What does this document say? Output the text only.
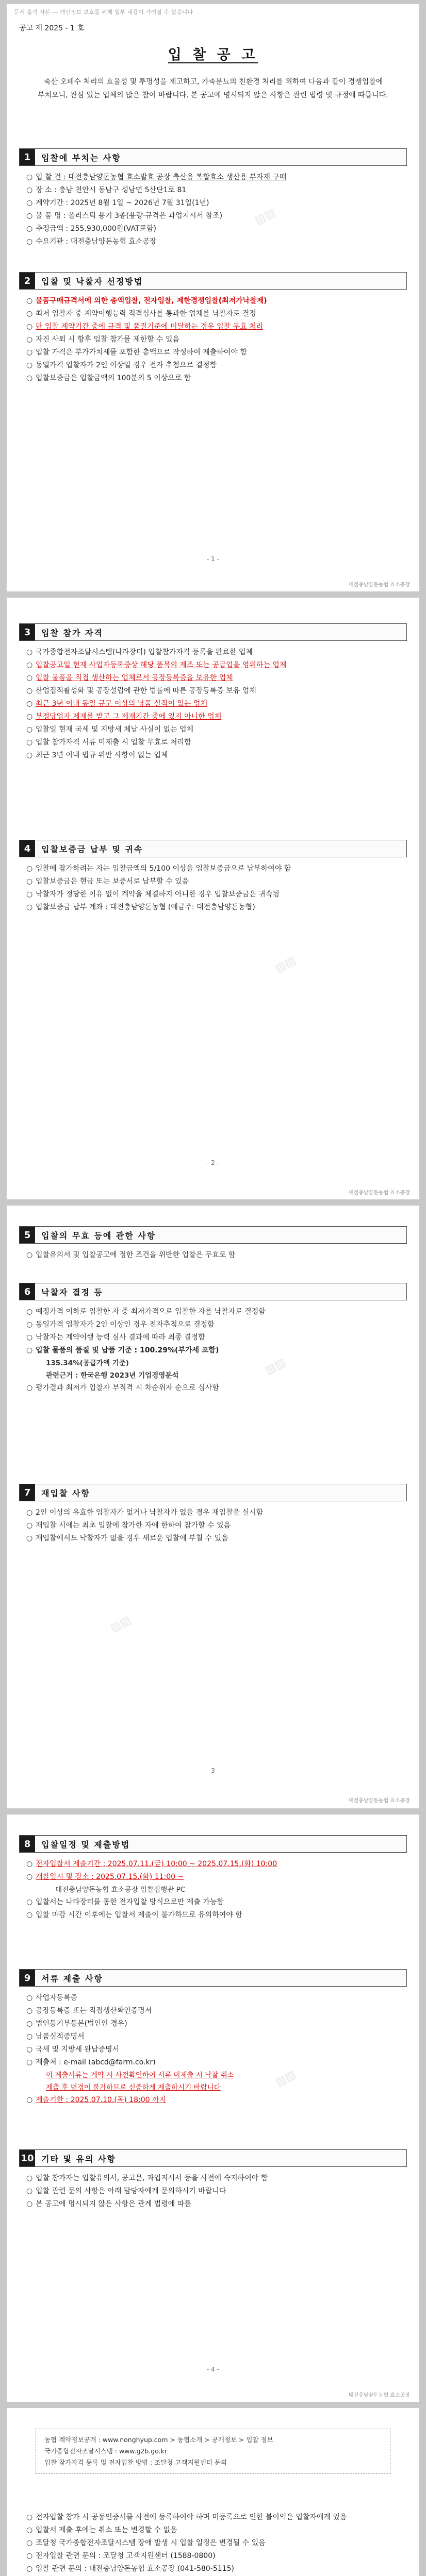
문서 출력 사본 — 개인정보 보호를 위해 일부 내용이 가려질 수 있습니다
공고 제 2025 - 1 호
입 찰 공 고
축산 오폐수 처리의 효율성 및 투명성을 제고하고, 가축분뇨의 친환경 처리를 위하여 다음과 같이 경쟁입찰에 부치오니, 관심 있는 업체의 많은 참여 바랍니다. 본 공고에 명시되지 않은 사항은 관련 법령 및 규정에 따릅니다.
1	입찰에 부치는 사항
○ 입 찰 건 : 대전충남양돈농협 효소발효 공장 축산용 복합효소 생산용 부자재 구매
○ 장 소 : 충남 천안시 동남구 성남면 5산단1로 81
○ 계약기간 : 2025년 8월 1일 ~ 2026년 7월 31일(1년)
○ 물 품 명 : 폴리스틱 용기 3종(용량·규격은 과업지시서 참조)
○ 추정금액 : 255,930,000원(VAT포함)
○ 수요기관 : 대전충남양돈농협 효소공장
2	입찰 및 낙찰자 선정방법
○ 물품구매규격서에 의한 총액입찰, 전자입찰, 제한경쟁입찰(최저가낙찰제)
○ 최저 입찰자 중 계약이행능력 적격심사를 통과한 업체를 낙찰자로 결정
○ 단 입찰 계약기간 중에 규격 및 품질기준에 미달하는 경우 입찰 무효 처리
○ 자진 사퇴 시 향후 입찰 참가를 제한할 수 있음
○ 입찰 가격은 부가가치세를 포함한 총액으로 작성하여 제출하여야 함
○ 동일가격 입찰자가 2인 이상일 경우 전자 추첨으로 결정함
○ 입찰보증금은 입찰금액의 100분의 5 이상으로 함
▨▨
- 1 -
대전충남양돈농협 효소공장
3	입찰 참가 자격
○ 국가종합전자조달시스템(나라장터) 입찰참가자격 등록을 완료한 업체
○ 입찰공고일 현재 사업자등록증상 해당 품목의 제조 또는 공급업을 영위하는 업체
○ 입찰 물품을 직접 생산하는 업체로서 공장등록증을 보유한 업체
○ 산업집적활성화 및 공장설립에 관한 법률에 따른 공장등록증 보유 업체
○ 최근 3년 이내 동일 규모 이상의 납품 실적이 있는 업체
○ 부정당업자 제재를 받고 그 제재기간 중에 있지 아니한 업체
○ 입찰일 현재 국세 및 지방세 체납 사실이 없는 업체
○ 입찰 참가자격 서류 미제출 시 입찰 무효로 처리함
○ 최근 3년 이내 법규 위반 사항이 없는 업체
4	입찰보증금 납부 및 귀속
○ 입찰에 참가하려는 자는 입찰금액의 5/100 이상을 입찰보증금으로 납부하여야 함
○ 입찰보증금은 현금 또는 보증서로 납부할 수 있음
○ 낙찰자가 정당한 이유 없이 계약을 체결하지 아니한 경우 입찰보증금은 귀속됨
○ 입찰보증금 납부 계좌 : 대전충남양돈농협 (예금주: 대전충남양돈농협)
▨▨
- 2 -
대전충남양돈농협 효소공장
5	입찰의 무효 등에 관한 사항
○ 입찰유의서 및 입찰공고에 정한 조건을 위반한 입찰은 무효로 함
6	낙찰자 결정 등
○ 예정가격 이하로 입찰한 자 중 최저가격으로 입찰한 자를 낙찰자로 결정함
○ 동일가격 입찰자가 2인 이상인 경우 전자추첨으로 결정함
○ 낙찰자는 계약이행 능력 심사 결과에 따라 최종 결정함
○ 입찰 물품의 품질 및 납품 기준 : 100.29%(부가세 포함)
135.34%(공급가액 기준)
관련근거 : 한국은행 2023년 기업경영분석
○ 평가결과 최저가 입찰자 부적격 시 차순위자 순으로 심사함
7	재입찰 사항
○ 2인 이상의 유효한 입찰자가 없거나 낙찰자가 없을 경우 재입찰을 실시함
○ 재입찰 시에는 최초 입찰에 참가한 자에 한하여 참가할 수 있음
○ 재입찰에서도 낙찰자가 없을 경우 새로운 입찰에 부칠 수 있음
▨▨
▨▨
- 3 -
대전충남양돈농협 효소공장
8	입찰일정 및 제출방법
○ 전자입찰서 제출기간 : 2025.07.11.(금) 10:00 ~ 2025.07.15.(화) 10:00
○ 개찰일시 및 장소 : 2025.07.15.(화) 11:00 ~
대전충남양돈농협 효소공장 입찰집행관 PC
○ 입찰서는 나라장터를 통한 전자입찰 방식으로만 제출 가능함
○ 입찰 마감 시간 이후에는 입찰서 제출이 불가하므로 유의하여야 함
9	서류 제출 사항
○ 사업자등록증
○ 공장등록증 또는 직접생산확인증명서
○ 법인등기부등본(법인인 경우)
○ 납품실적증명서
○ 국세 및 지방세 완납증명서
○ 제출처 : e-mail (abcd@farm.co.kr)
이 제출서류는 계약 시 사전확인하여 서류 미제출 시 낙찰 취소
제출 후 변경이 불가하므로 신중하게 제출하시기 바랍니다
○ 제출기한 : 2025.07.10.(목) 18:00 까지
10 기타 및 유의 사항
○ 입찰 참가자는 입찰유의서, 공고문, 과업지시서 등을 사전에 숙지하여야 함
○ 입찰 관련 문의 사항은 아래 담당자에게 문의하시기 바랍니다
○ 본 공고에 명시되지 않은 사항은 관계 법령에 따름
▨▨
- 4 -
대전충남양돈농협 효소공장
농협 계약정보공개 : www.nonghyup.com > 농협소개 > 공개정보 > 입찰 정보
국가종합전자조달시스템 : www.g2b.go.kr
입찰 참가자격 등록 및 전자입찰 방법 : 조달청 고객지원센터 문의
○ 전자입찰 참가 시 공동인증서를 사전에 등록하여야 하며 미등록으로 인한 불이익은 입찰자에게 있음
○ 입찰서 제출 후에는 취소 또는 변경할 수 없음
○ 조달청 국가종합전자조달시스템 장애 발생 시 입찰 일정은 변경될 수 있음
○ 전자입찰 관련 문의 : 조달청 고객지원센터 (1588-0800)
○ 입찰 관련 문의 : 대전충남양돈농협 효소공장 (041-580-5115)
